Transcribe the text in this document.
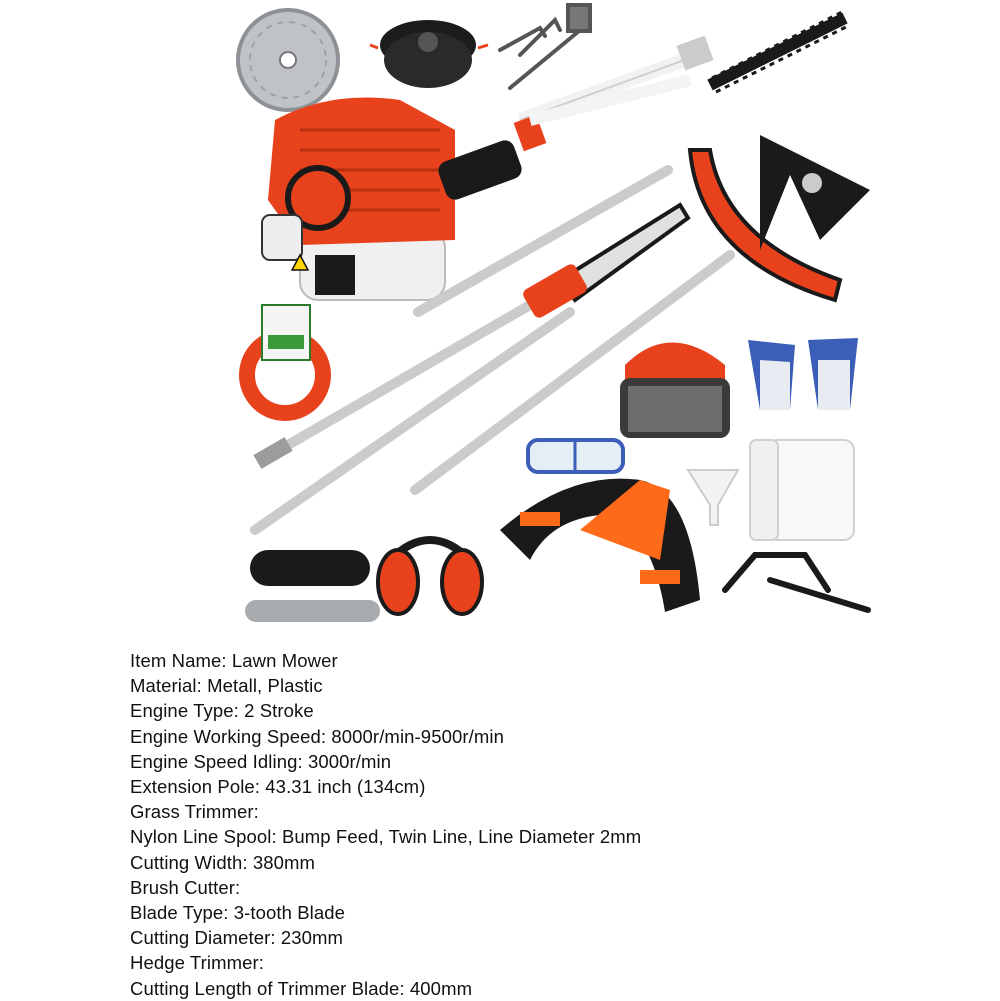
Item Name: Lawn Mower
Material: Metall, Plastic
Engine Type: 2 Stroke
Engine Working Speed: 8000r/min-9500r/min
Engine Speed Idling: 3000r/min
Extension Pole: 43.31 inch (134cm)
Grass Trimmer:
Nylon Line Spool: Bump Feed, Twin Line, Line Diameter 2mm
Cutting Width: 380mm
Brush Cutter:
Blade Type: 3-tooth Blade
Cutting Diameter: 230mm
Hedge Trimmer:
Cutting Length of Trimmer Blade: 400mm
